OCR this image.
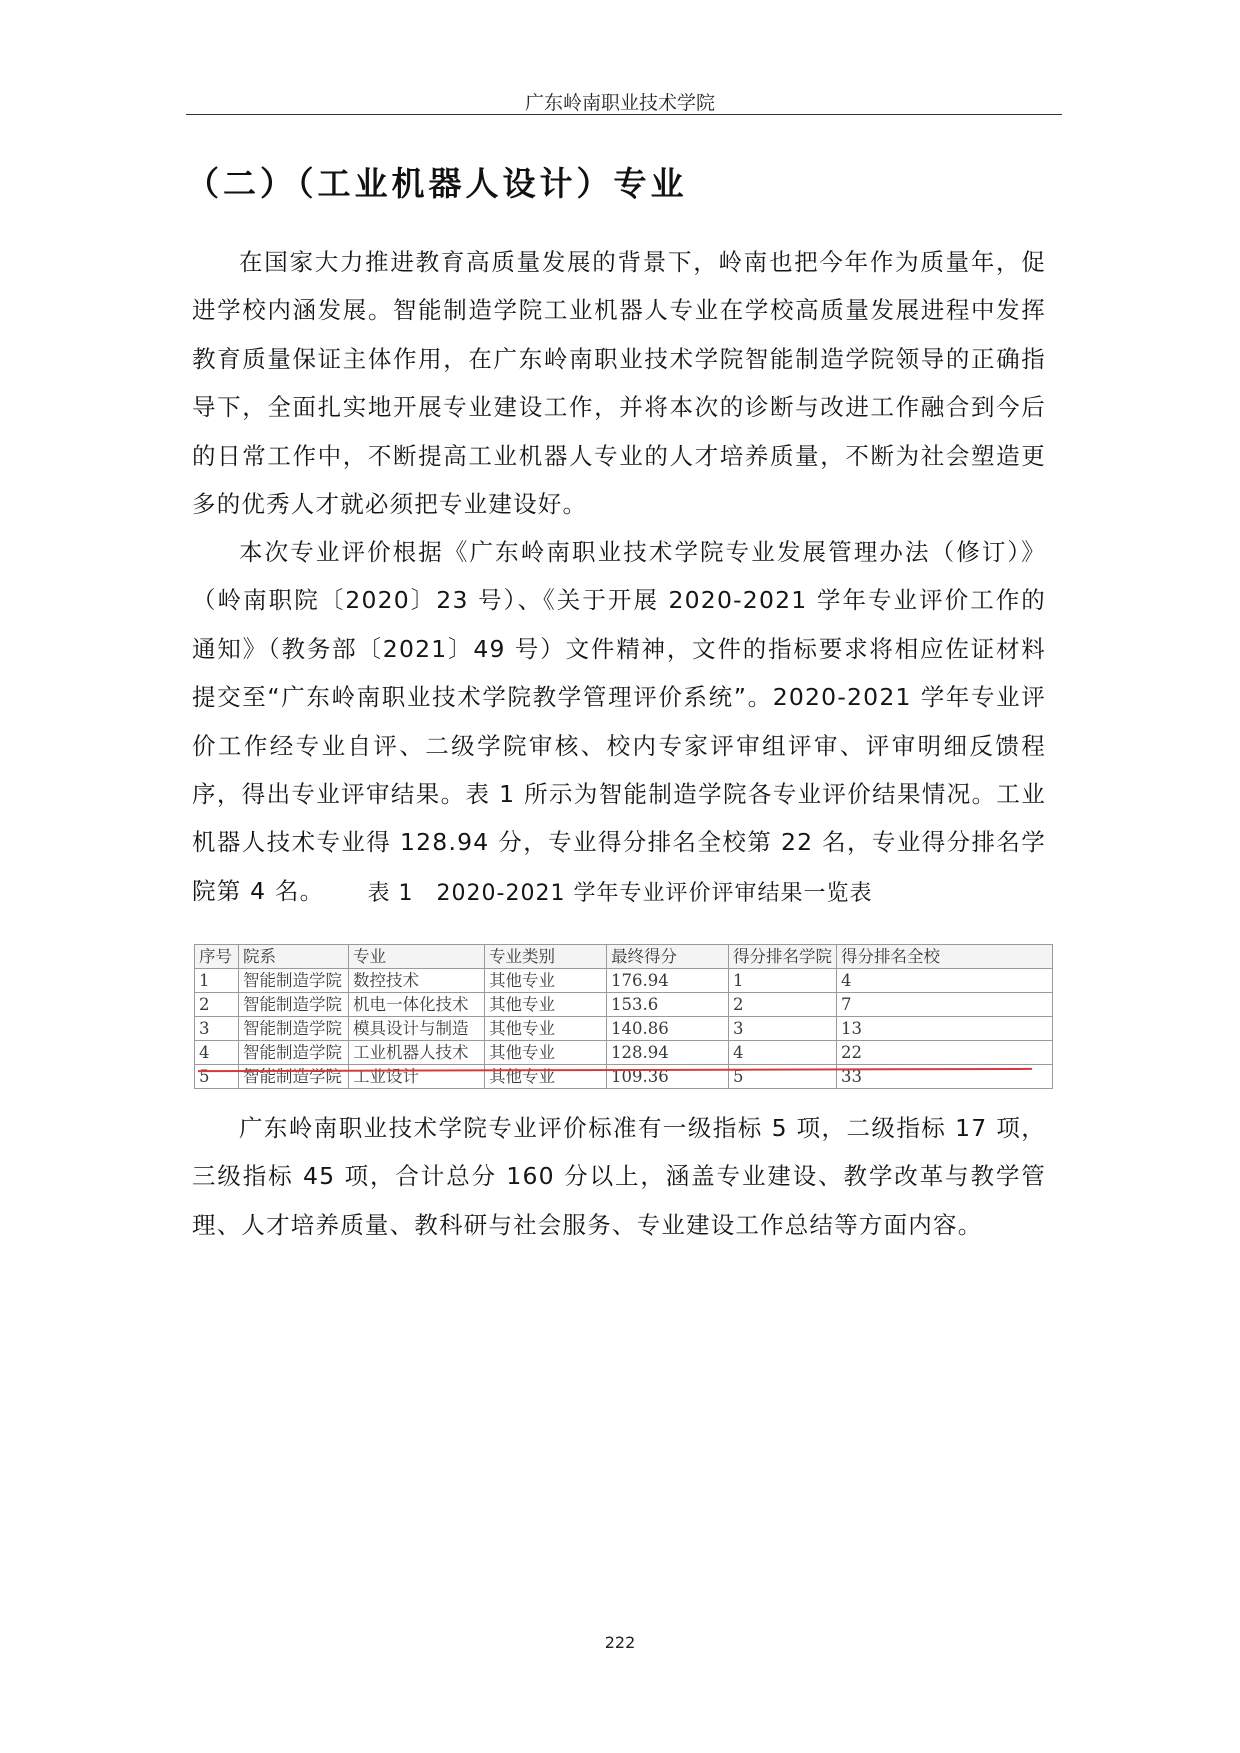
广东岭南职业技术学院
（二）（工业机器人设计）专业

在国家大力推进教育高质量发展的背景下，岭南也把今年作为质量年，促进学校内涵发展。智能制造学院工业机器人专业在学校高质量发展进程中发挥教育质量保证主体作用，在广东岭南职业技术学院智能制造学院领导的正确指导下，全面扎实地开展专业建设工作，并将本次的诊断与改进工作融合到今后的日常工作中，不断提高工业机器人专业的人才培养质量，不断为社会塑造更多的优秀人才就必须把专业建设好。

本次专业评价根据《广东岭南职业技术学院专业发展管理办法（修订）》（岭南职院〔2020〕23 号）、《关于开展 2020-2021 学年专业评价工作的通知》（教务部〔2021〕49 号）文件精神，文件的指标要求将相应佐证材料提交至“广东岭南职业技术学院教学管理评价系统”。2020-2021 学年专业评价工作经专业自评、二级学院审核、校内专家评审组评审、评审明细反馈程序，得出专业评审结果。表 1 所示为智能制造学院各专业评价结果情况。工业机器人技术专业得 128.94 分，专业得分排名全校第 22 名，专业得分排名学院第 4 名。	表 1　2020-2021 学年专业评价评审结果一览表
序号	院系	专业	专业类别	最终得分	得分排名学院	得分排名全校
1	智能制造学院	数控技术	其他专业	176.94	1	4
2	智能制造学院	机电一体化技术	其他专业	153.6	2	7
3	智能制造学院	模具设计与制造	其他专业	140.86	3	13
4	智能制造学院	工业机器人技术	其他专业	128.94	4	22
5	智能制造学院	工业设计	其他专业	109.36	5	33

广东岭南职业技术学院专业评价标准有一级指标 5 项，二级指标 17 项，三级指标 45 项，合计总分 160 分以上，涵盖专业建设、教学改革与教学管理、人才培养质量、教科研与社会服务、专业建设工作总结等方面内容。

222
